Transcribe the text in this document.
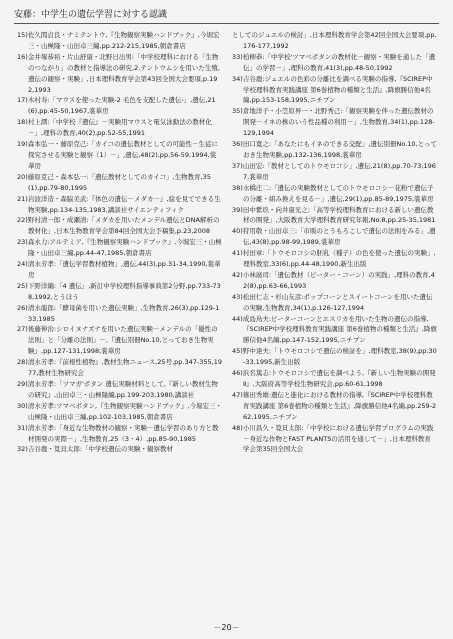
安藤：中学生の遺伝学習に対する認識
15)佐久間貞良・ナミテントウ,『生物観察実験ハンドブック』,今堀宏三・山極隆・山田卓三編,pp.212-215,1985,朝倉書店
16)金井塚恭裕・片山舒康・北野日出男:「中学校理科における「生物のつながり」の教材と指導法の研究,2.テントウムシを用いた生殖,遺伝の観察・実験」,日本理科教育学会第43回全国大会要項,p.192,1993
17)木村寿:「マウスを使った実験-2 毛色を支配した遺伝-」,遺伝,21(6),pp.45-50,1967,裳華房
18)村上潤:「中学校『遺伝』－実験用マウスと電気泳動法の教材化－」,理科の教育,40(2),pp.52-55,1991
19)森本弘一・藤原克己:「カイコの遺伝教材としての可能性－生徒に探究させる実験と観察（1）－」,遺伝,48(2),pp.56-59,1994,裳華房
20)藤原克己・森本弘一:「遺伝教材としてのカイコ」,生物教育,35(1),pp.79-80,1995
21)岩波洋造・森脇美武:『体色の遺伝－メダカ－』,絵を見てできる生物実験,pp.134-135,1983,講談社サイエンティフィク
22)野村清一郎・成瀬清:「メダカを用いたメンデル遺伝とDNA解析の教材化」,日本生物教育学会第84回全国大会予稿集,p.23,2008
23)森永力:アルテミア,『生物観察実験ハンドブック』,今堀宏三・山極隆・山田卓三編,pp.44-47,1985,朝倉書店
24)清水芳孝:「遺伝学習教材植物」,遺伝,44(3),pp.31-34,1990,裳華房
25)下野洋編:「4 遺伝」,新訂中学校理科指導事典第2分野,pp.733-738,1992,とうほう
26)清水龍郎:「酵母菌を用いた遺伝実験」,生物教育,26(3),pp.129-133,1985
27)後藤伸治:シロイヌナズナを用いた遺伝実験－メンデルの「優性の法則」と「分離の法則」－,『遺伝別冊No.10,とっておき生物実験』,pp.127-131,1998,裳華房
28)清水芳孝:『前根性植物』,教材生物ニュース,25号,pp.347-355,1977,教材生物研究会
29)清水芳孝:「ツマガ'ボタン 遺伝実験材料として,『新しい教材生物の研究』,山田卓三・山極隆編,pp.199-203,1980,講談社
30)清水芳孝:ツマベボタン,『生物観察実験ハンドブック』,今堀宏三・山極隆・山田卓三編,pp.102-103,1985,朝倉書店
31)清水芳孝:「身近な生物教材の観察・実験－遺伝学習のあり方と教材開発の実際－」,生物教育,25（3・4）,pp.85-90,1985
32)吉谷鹿・筧貝太郎:「中学校遺伝の実験・観察教材
としてのジュエルの検討」,日本理科教育学会第42回全国大会要項,pp.176-177,1992
33)柏柳恭:「中学校'ツマベボタンの教材化－観察・実験を通した「遺伝」の学習－」,理科の教育,41(3),pp.48-50,1992
34)吉谷鹿:ジュエルの色彩の分離比を調べる実験の指導,『SCIREP中学校理科教育実践講座 第6巻植物の種類と生活』,降旗勝信他4名編,pp.153-158,1995,ニチブン
35)倉地洋子・小笠原昇一・北野秀己:「観察実験を伴った遺伝教材の開発－イネの株のいう性品種の利用－」,生物教育,34(1),pp.128-129,1994
36)田口寛之:「あなたにもイネのできる交配」,遺伝別冊No.10,とっておき生物実験,pp.132-136,1998,裳華房
37)山田宏:「教材としてのトウモロコシ」,遺伝,21(8),pp.70-73,1967,裳華房
38)水橋庄二:「遺伝の実験教材としてのトウモロコシ－花粉で遺伝子の分離・組み換えを見る－」,遺伝,29(1),pp.85-89,1975,裳華房
39)田中紫玖・向井康光之:「高等学校理科教育における新しい遺伝教材の開発」,大阪教育大学理科教育研究年報,No.8,pp.25-35,1981
40)狩用敬・山田卓三:「市販のとうもろこしで遺伝の法則をみる」,遺伝,43(8),pp.98-99,1989,裳華房
41)村田章:「トウモロコシの胚乳（種子）の色を使った遺伝の実験」,理科教室,33(6),pp.44-48,1990,新生出版
42)小林廣司:「遺伝教材（ビーター・コーン）の実践」,理科の教育,42(8),pp.63-66,1993
43)松田仁志・杉山友彦:ポップコーンとスイートコーンを用いた遺伝の実験,生物教育,34(1),p.126-127,1994
44)成島鳥夫:ビーターコーンとエスリカを用いた生物の遺伝の指導,『SCIREP中学校理科教育実践講座 第6巻植物の種類と生活』,降旗勝信他4名編,pp.147-152,1995,ニチブン
45)野中達夫:「トウモロコシで遺伝の検証を」,理科教室,38(9),pp.30-33,1995,新生出版
46)浜名篤志:トウモロコシで遺伝を調べよう,『新しい生物実験の開発Ⅱ』,大阪府高等学校生物研究会,pp.60-61,1998
47)篠田秀雄:遺伝と進化における教材の指導,『SCIREP中学校理科教育実践講座 第6巻植物の種類と生活』,降旗勝信他4名編,pp.259-262,1995,ニチブン
48)小川昌久・筧貝太郎:「中学校における遺伝学習プログラムの実践－身近な作物とFAST PLANTSの活用を通して－」,日本理科教育学会第35回全国大会
－20－
